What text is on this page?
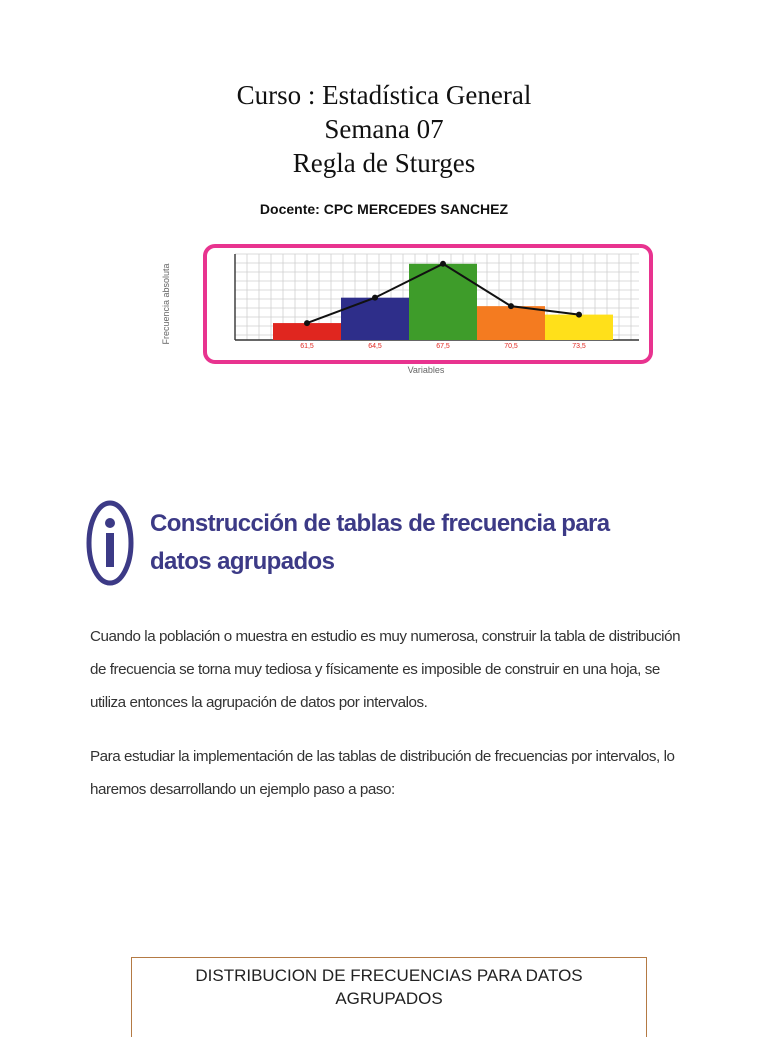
Curso : Estadística General
Semana 07
Regla de Sturges
Docente: CPC MERCEDES SANCHEZ
61,5	64,5	67,5	70,5	73,5
Frecuencia absoluta
Variables
Construcción de tablas de frecuencia para datos agrupados
Cuando la población o muestra en estudio es muy numerosa, construir la tabla de distribución de frecuencia se torna muy tediosa y físicamente es imposible de construir en una hoja, se utiliza entonces la agrupación de datos por intervalos.
Para estudiar la implementación de las tablas de distribución de frecuencias por intervalos, lo haremos desarrollando un ejemplo paso a paso:
DISTRIBUCION DE FRECUENCIAS PARA DATOS
AGRUPADOS
